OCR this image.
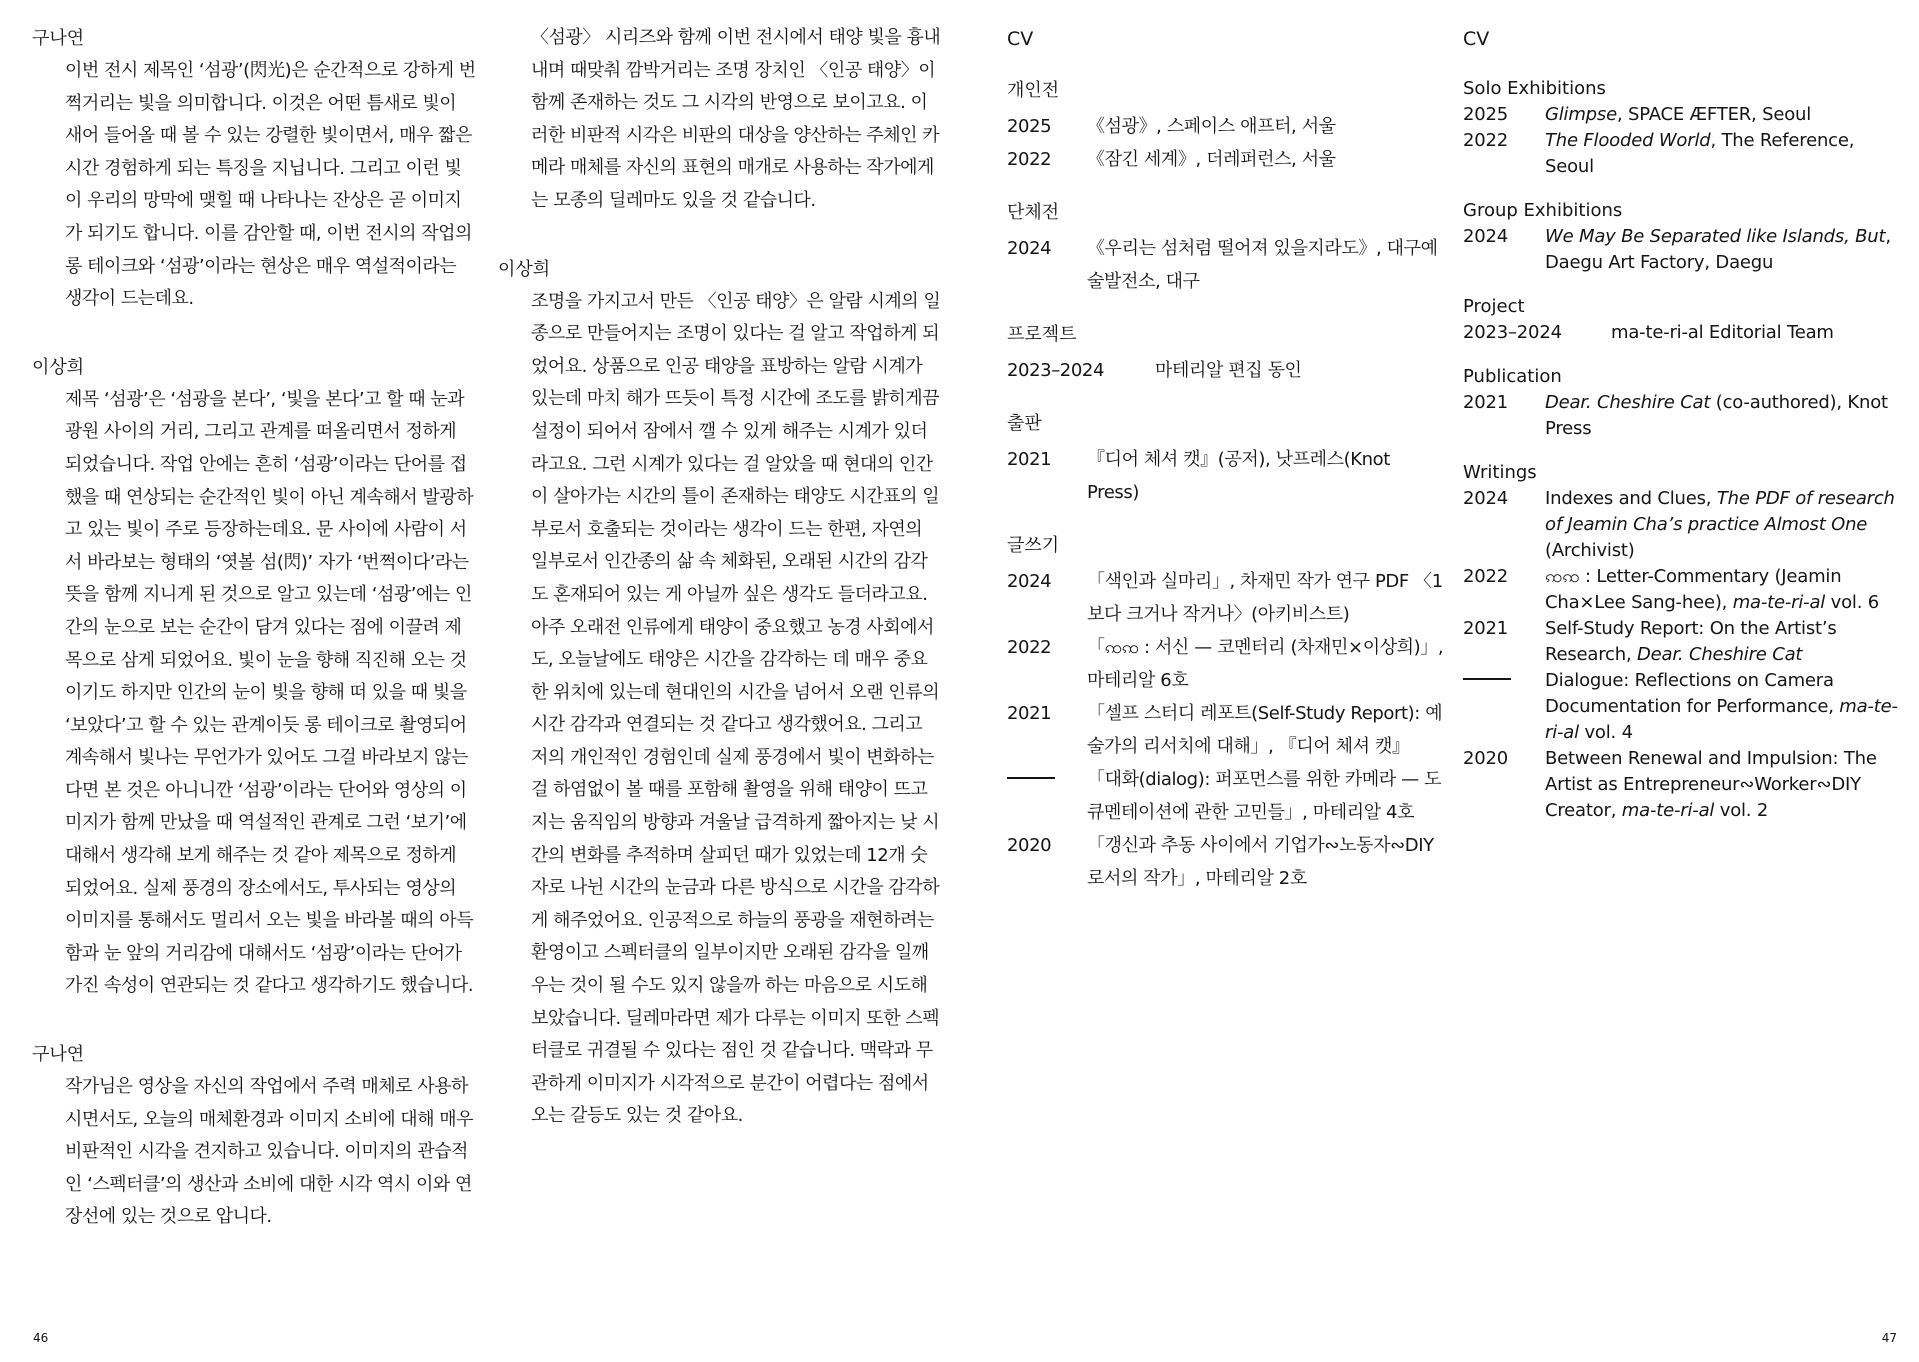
구나연

이번 전시 제목인 ‘섬광’(閃光)은 순간적으로 강하게 번쩍거리는 빛을 의미합니다. 이것은 어떤 틈새로 빛이 새어 들어올 때 볼 수 있는 강렬한 빛이면서, 매우 짧은 시간 경험하게 되는 특징을 지닙니다. 그리고 이런 빛이 우리의 망막에 맺힐 때 나타나는 잔상은 곧 이미지가 되기도 합니다. 이를 감안할 때, 이번 전시의 작업의 롱 테이크와 ‘섬광’이라는 현상은 매우 역설적이라는 생각이 드는데요.

이상희

제목 ‘섬광’은 ‘섬광을 본다’, ‘빛을 본다’고 할 때 눈과 광원 사이의 거리, 그리고 관계를 떠올리면서 정하게 되었습니다. 작업 안에는 흔히 ‘섬광’이라는 단어를 접했을 때 연상되는 순간적인 빛이 아닌 계속해서 발광하고 있는 빛이 주로 등장하는데요. 문 사이에 사람이 서서 바라보는 형태의 ‘엿볼 섬(閃)’ 자가 ‘번쩍이다’라는 뜻을 함께 지니게 된 것으로 알고 있는데 ‘섬광’에는 인간의 눈으로 보는 순간이 담겨 있다는 점에 이끌려 제목으로 삼게 되었어요. 빛이 눈을 향해 직진해 오는 것이기도 하지만 인간의 눈이 빛을 향해 떠 있을 때 빛을 ‘보았다’고 할 수 있는 관계이듯 롱 테이크로 촬영되어 계속해서 빛나는 무언가가 있어도 그걸 바라보지 않는다면 본 것은 아니니깐 ‘섬광’이라는 단어와 영상의 이미지가 함께 만났을 때 역설적인 관계로 그런 ‘보기’에 대해서 생각해 보게 해주는 것 같아 제목으로 정하게 되었어요. 실제 풍경의 장소에서도, 투사되는 영상의 이미지를 통해서도 멀리서 오는 빛을 바라볼 때의 아득함과 눈 앞의 거리감에 대해서도 ‘섬광’이라는 단어가 가진 속성이 연관되는 것 같다고 생각하기도 했습니다.

구나연

작가님은 영상을 자신의 작업에서 주력 매체로 사용하시면서도, 오늘의 매체환경과 이미지 소비에 대해 매우 비판적인 시각을 견지하고 있습니다. 이미지의 관습적인 ‘스펙터클’의 생산과 소비에 대한 시각 역시 이와 연장선에 있는 것으로 압니다.

〈섬광〉 시리즈와 함께 이번 전시에서 태양 빛을 흉내 내며 때맞춰 깜박거리는 조명 장치인 〈인공 태양〉이 함께 존재하는 것도 그 시각의 반영으로 보이고요. 이러한 비판적 시각은 비판의 대상을 양산하는 주체인 카메라 매체를 자신의 표현의 매개로 사용하는 작가에게는 모종의 딜레마도 있을 것 같습니다.

이상희

조명을 가지고서 만든 〈인공 태양〉은 알람 시계의 일종으로 만들어지는 조명이 있다는 걸 알고 작업하게 되었어요. 상품으로 인공 태양을 표방하는 알람 시계가 있는데 마치 해가 뜨듯이 특정 시간에 조도를 밝히게끔 설정이 되어서 잠에서 깰 수 있게 해주는 시계가 있더라고요. 그런 시계가 있다는 걸 알았을 때 현대의 인간이 살아가는 시간의 틀이 존재하는 태양도 시간표의 일부로서 호출되는 것이라는 생각이 드는 한편, 자연의 일부로서 인간종의 삶 속 체화된, 오래된 시간의 감각도 혼재되어 있는 게 아닐까 싶은 생각도 들더라고요. 아주 오래전 인류에게 태양이 중요했고 농경 사회에서도, 오늘날에도 태양은 시간을 감각하는 데 매우 중요한 위치에 있는데 현대인의 시간을 넘어서 오랜 인류의 시간 감각과 연결되는 것 같다고 생각했어요. 그리고 저의 개인적인 경험인데 실제 풍경에서 빛이 변화하는 걸 하염없이 볼 때를 포함해 촬영을 위해 태양이 뜨고 지는 움직임의 방향과 겨울날 급격하게 짧아지는 낮 시간의 변화를 추적하며 살피던 때가 있었는데 12개 숫자로 나뉜 시간의 눈금과 다른 방식으로 시간을 감각하게 해주었어요. 인공적으로 하늘의 풍광을 재현하려는 환영이고 스펙터클의 일부이지만 오래된 감각을 일깨우는 것이 될 수도 있지 않을까 하는 마음으로 시도해 보았습니다. 딜레마라면 제가 다루는 이미지 또한 스펙터클로 귀결될 수 있다는 점인 것 같습니다. 맥락과 무관하게 이미지가 시각적으로 분간이 어렵다는 점에서 오는 갈등도 있는 것 같아요.

46
CV
개인전
2025	《섬광》, 스페이스 애프터, 서울
2022	《잠긴 세계》, 더레퍼런스, 서울
단체전
2024	《우리는 섬처럼 떨어져 있을지라도》, 대구예술발전소, 대구
프로젝트
2023–2024	마테리알 편집 동인
출판
2021	『디어 체셔 캣』(공저), 낫프레스(Knot Press)
글쓰기
2024	「색인과 실마리」, 차재민 작가 연구 PDF 〈1보다 크거나 작거나〉(아키비스트)
2022	「ꩡꩡ : 서신 — 코멘터리 (차재민×이상희)」, 마테리알 6호
2021	「셀프 스터디 레포트(Self-Study Report): 예술가의 리서치에 대해」, 『디어 체셔 캣』
「대화(dialog): 퍼포먼스를 위한 카메라 — 도큐멘테이션에 관한 고민들」, 마테리알 4호
2020	「갱신과 추동 사이에서 기업가∾노동자∾DIY로서의 작가」, 마테리알 2호
CV
Solo Exhibitions
2025	Glimpse, SPACE ÆFTER, Seoul
2022	The Flooded World, The Reference, Seoul
Group Exhibitions
2024	We May Be Separated like Islands, But, Daegu Art Factory, Daegu
Project
2023–2024	ma-te-ri-al Editorial Team
Publication
2021	Dear. Cheshire Cat (co-authored), Knot Press
Writings
2024	Indexes and Clues, The PDF of research of Jeamin Cha’s practice Almost One (Archivist)
2022	ꩡꩡ : Letter-Commentary (Jeamin Cha×Lee Sang-hee), ma-te-ri-al vol. 6
2021	Self-Study Report: On the Artist’s Research, Dear. Cheshire Cat
Dialogue: Reflections on Camera Documentation for Performance, ma-te-ri-al vol. 4
2020	Between Renewal and Impulsion: The Artist as Entrepreneur∾Worker∾DIY Creator, ma-te-ri-al vol. 2
47
